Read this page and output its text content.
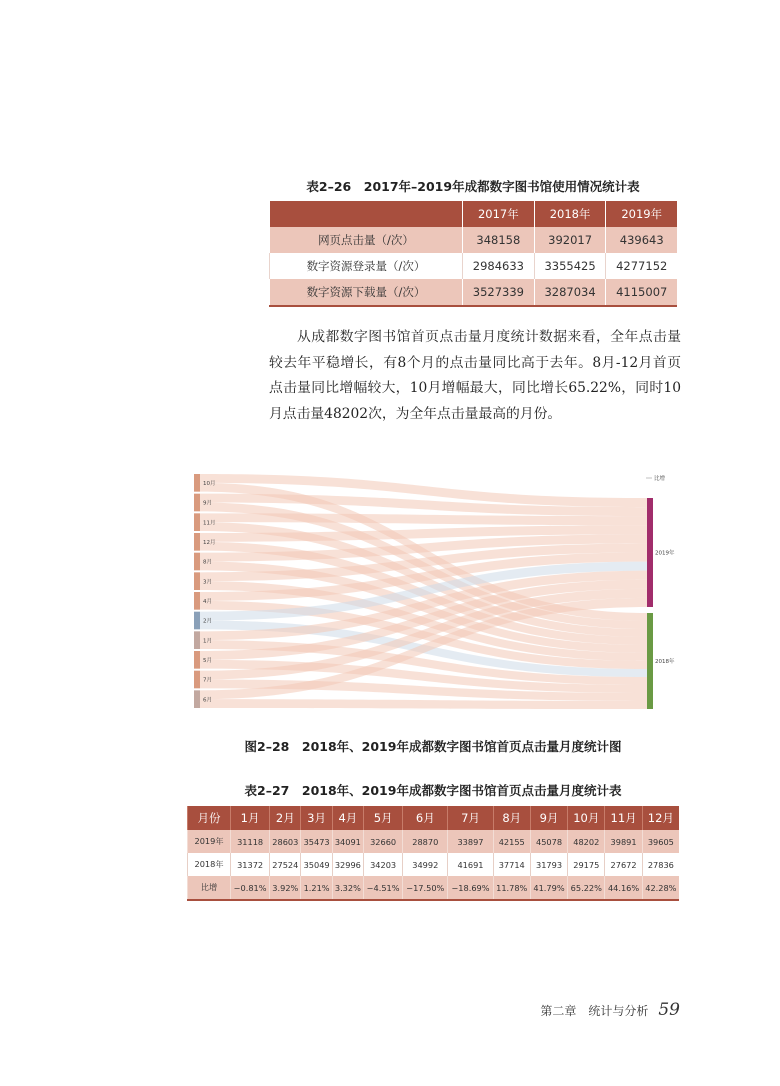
表2–26　2017年–2019年成都数字图书馆使用情况统计表
	2017年	2018年	2019年
网页点击量（/次）	348158	392017	439643
数字资源登录量（/次）	2984633	3355425	4277152
数字资源下载量（/次）	3527339	3287034	4115007
从成都数字图书馆首页点击量月度统计数据来看，全年点击量较去年平稳增长，有8个月的点击量同比高于去年。8月-12月首页点击量同比增幅较大，10月增幅最大，同比增长65.22%，同时10月点击量48202次，为全年点击量最高的月份。
10月
9月
11月
12月
8月
3月
4月
2月
1月
5月
7月
6月
2019年
2018年
比增
图2–28　2018年、2019年成都数字图书馆首页点击量月度统计图
表2–27　2018年、2019年成都数字图书馆首页点击量月度统计表
月份	1月	2月	3月	4月	5月	6月	7月	8月	9月	10月	11月	12月
2019年	31118	28603	35473	34091	32660	28870	33897	42155	45078	48202	39891	39605
2018年	31372	27524	35049	32996	34203	34992	41691	37714	31793	29175	27672	27836
比增	−0.81%	3.92%	1.21%	3.32%	−4.51%	−17.50%	−18.69%	11.78%	41.79%	65.22%	44.16%	42.28%
第二章　统计与分析 59
